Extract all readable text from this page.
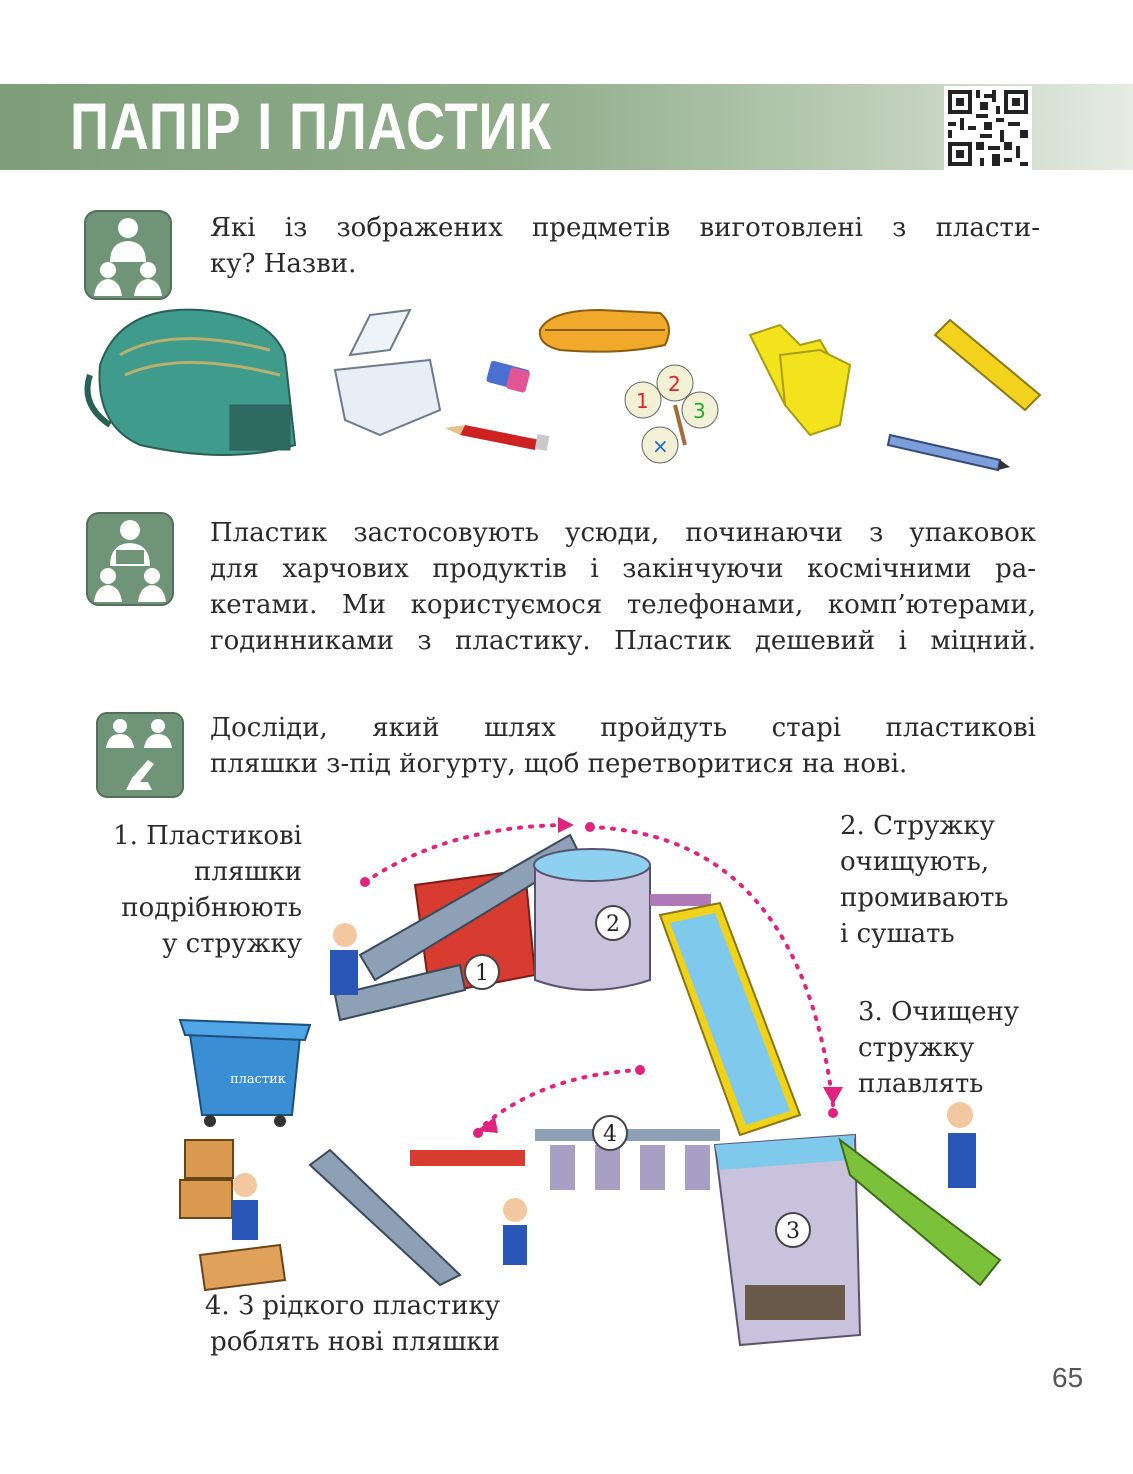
ПАПІР І ПЛАСТИК
Які із зображених предметів виготовлені з пласти-
ку? Назви.
1
2
3
×
Пластик застосовують усюди, починаючи з упаковок
для харчових продуктів і закінчуючи космічними ра-
кетами. Ми користуємося телефонами, комп’ютерами,
годинниками з пластику. Пластик дешевий і міцний.
Досліди, який шлях пройдуть старі пластикові
пляшки з-під йогурту, щоб перетворитися на нові.
1. Пластикові
пляшки
подрібнюють
у стружку
2. Стружку
очищують,
промивають
і сушать
3. Очищену
стружку
плавлять
4. З рідкого пластику
роблять нові пляшки
пластик
1
2
3
4
65
